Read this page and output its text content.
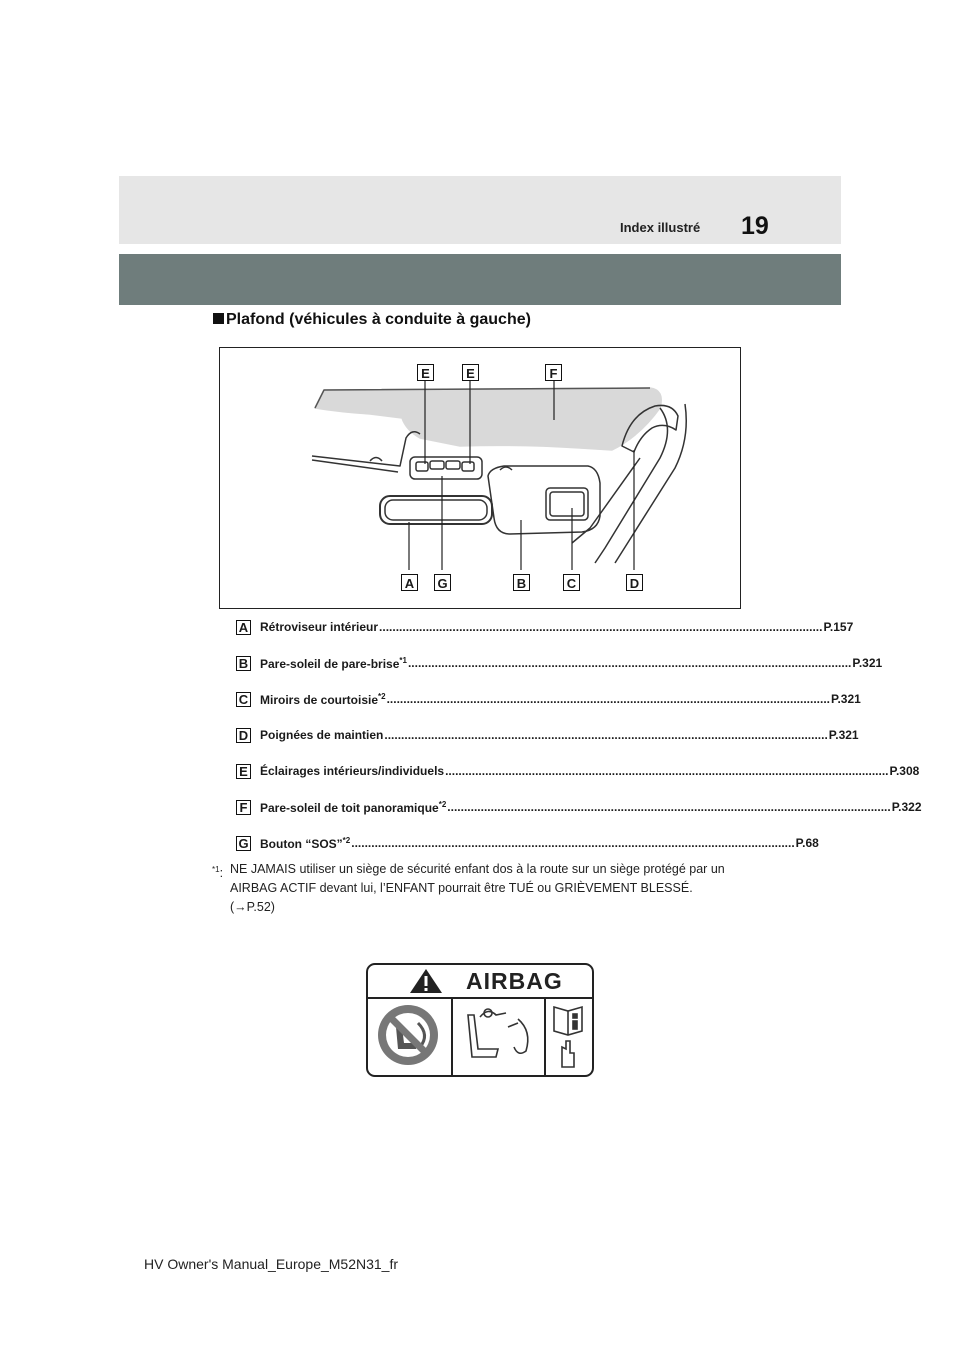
Index illustré 19
Plafond (véhicules à conduite à gauche)
E	E	F
A G	B	C	D
A Rétroviseur intérieur ..................................................................................................................................... P.157
B Pare-soleil de pare-brise$^{*1}$ ..................................................................................................................................... P.321
C Miroirs de courtoisie$^{*2}$ ..................................................................................................................................... P.321
D Poignées de maintien ..................................................................................................................................... P.321
E Éclairages intérieurs/individuels ..................................................................................................................................... P.308
F Pare-soleil de toit panoramique$^{*2}$ ..................................................................................................................................... P.322
G Bouton “SOS”$^{*2}$ ..................................................................................................................................... P.68
$^{*1}$: NE JAMAIS utiliser un siège de sécurité enfant dos à la route sur un siège protégé par un AIRBAG ACTIF devant lui, l’ENFANT pourrait être TUÉ ou GRIÈVEMENT BLESSÉ.
(→P.52)
AIRBAG
HV Owner's Manual_Europe_M52N31_fr
